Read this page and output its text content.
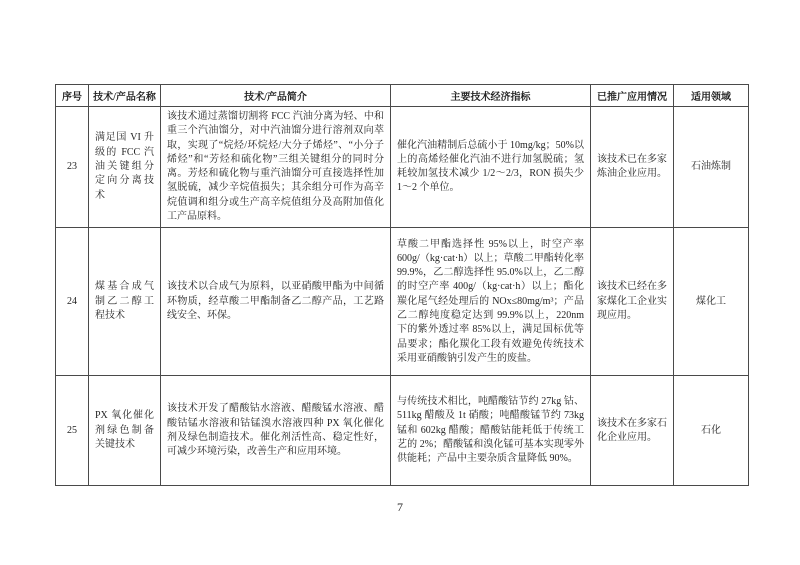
序号	技术/产品名称	技术/产品简介	主要技术经济指标	已推广应用情况	适用领域
23	满足国 VI 升级的 FCC 汽油关键组分定向分离技术	该技术通过蒸馏切割将 FCC 汽油分离为轻、中和重三个汽油馏分，对中汽油馏分进行溶剂双向萃取，实现了“烷烃/环烷烃/大分子烯烃”、“小分子烯烃”和“芳烃和硫化物”三组关键组分的同时分离。芳烃和硫化物与重汽油馏分可直接选择性加氢脱硫，减少辛烷值损失；其余组分可作为高辛烷值调和组分或生产高辛烷值组分及高附加值化工产品原料。	催化汽油精制后总硫小于 10mg/kg；50%以上的高烯烃催化汽油不进行加氢脱硫；氢耗较加氢技术减少 1/2～2/3，RON 损失少 1～2 个单位。	该技术已在多家炼油企业应用。	石油炼制
24	煤基合成气制乙二醇工程技术	该技术以合成气为原料，以亚硝酸甲酯为中间循环物质，经草酸二甲酯制备乙二醇产品，工艺路线安全、环保。	草酸二甲酯选择性 95%以上，时空产率 600g/（kg·cat·h）以上；草酸二甲酯转化率 99.9%，乙二醇选择性 95.0%以上，乙二醇的时空产率 400g/（kg·cat·h）以上；酯化羰化尾气经处理后的 NOx≤80mg/m³；产品乙二醇纯度稳定达到 99.9%以上，220nm 下的紫外透过率 85%以上，满足国标优等品要求；酯化羰化工段有效避免传统技术采用亚硝酸钠引发产生的废盐。	该技术已经在多家煤化工企业实现应用。	煤化工
25	PX 氧化催化剂绿色制备关键技术	该技术开发了醋酸钴水溶液、醋酸锰水溶液、醋酸钴锰水溶液和钴锰溴水溶液四种 PX 氧化催化剂及绿色制造技术。催化剂活性高、稳定性好，可减少环境污染，改善生产和应用环境。	与传统技术相比，吨醋酸钴节约 27kg 钴、511kg 醋酸及 1t 硝酸；吨醋酸锰节约 73kg 锰和 602kg 醋酸；醋酸钴能耗低于传统工艺的 2%；醋酸锰和溴化锰可基本实现零外供能耗；产品中主要杂质含量降低 90%。	该技术在多家石化企业应用。	石化
7
